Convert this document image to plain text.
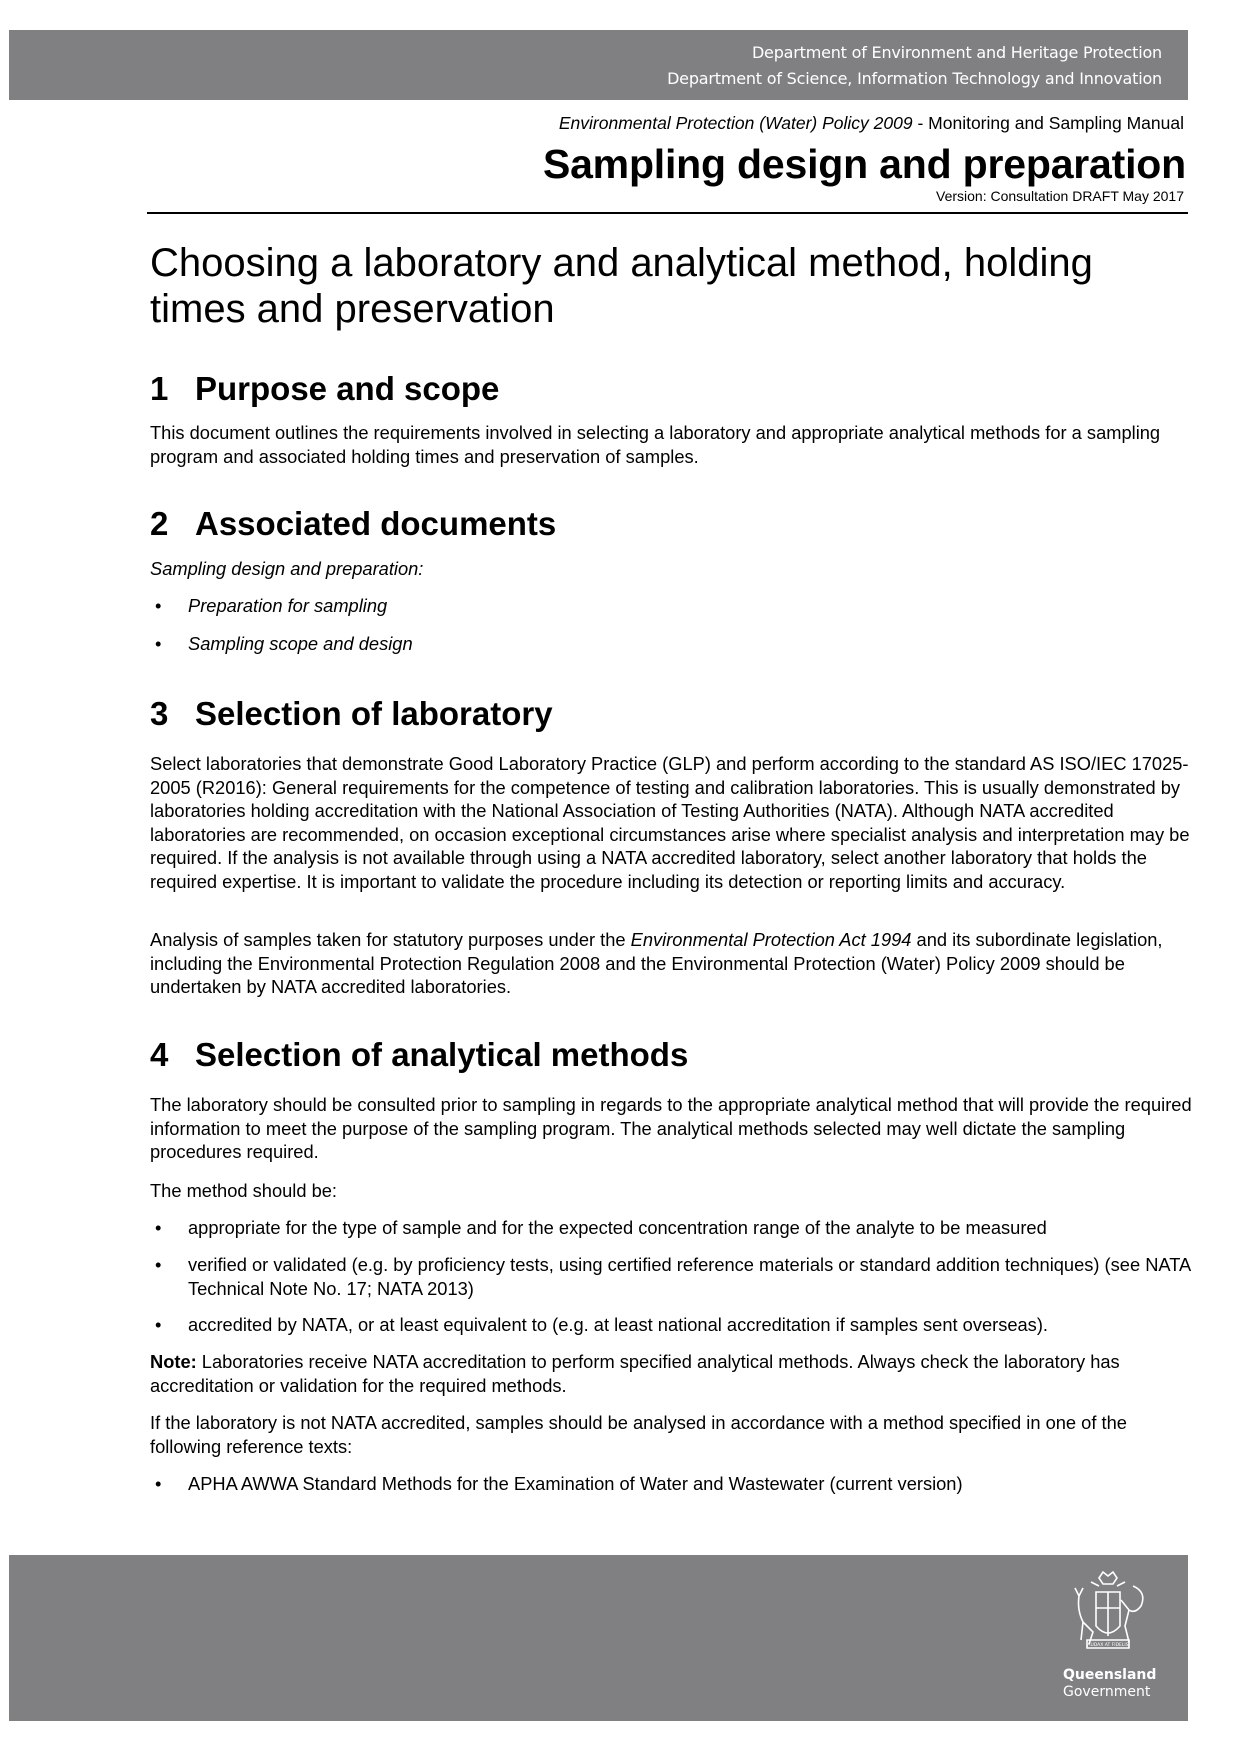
Department of Environment and Heritage Protection
Department of Science, Information Technology and Innovation
Environmental Protection (Water) Policy 2009 - Monitoring and Sampling Manual
Sampling design and preparation
Version: Consultation DRAFT May 2017
Choosing a laboratory and analytical method, holding times and preservation
1 Purpose and scope
This document outlines the requirements involved in selecting a laboratory and appropriate analytical methods for a sampling program and associated holding times and preservation of samples.
2 Associated documents
Sampling design and preparation:
• Preparation for sampling
• Sampling scope and design
3 Selection of laboratory
Select laboratories that demonstrate Good Laboratory Practice (GLP) and perform according to the standard AS ISO/IEC 17025-2005 (R2016): General requirements for the competence of testing and calibration laboratories. This is usually demonstrated by laboratories holding accreditation with the National Association of Testing Authorities (NATA). Although NATA accredited laboratories are recommended, on occasion exceptional circumstances arise where specialist analysis and interpretation may be required. If the analysis is not available through using a NATA accredited laboratory, select another laboratory that holds the required expertise. It is important to validate the procedure including its detection or reporting limits and accuracy.
Analysis of samples taken for statutory purposes under the Environmental Protection Act 1994 and its subordinate legislation, including the Environmental Protection Regulation 2008 and the Environmental Protection (Water) Policy 2009 should be undertaken by NATA accredited laboratories.
4 Selection of analytical methods
The laboratory should be consulted prior to sampling in regards to the appropriate analytical method that will provide the required information to meet the purpose of the sampling program. The analytical methods selected may well dictate the sampling procedures required.
The method should be:
• appropriate for the type of sample and for the expected concentration range of the analyte to be measured
• verified or validated (e.g. by proficiency tests, using certified reference materials or standard addition techniques) (see NATA Technical Note No. 17; NATA 2013)
• accredited by NATA, or at least equivalent to (e.g. at least national accreditation if samples sent overseas).
Note: Laboratories receive NATA accreditation to perform specified analytical methods. Always check the laboratory has accreditation or validation for the required methods.
If the laboratory is not NATA accredited, samples should be analysed in accordance with a method specified in one of the following reference texts:
• APHA AWWA Standard Methods for the Examination of Water and Wastewater (current version)
AUDAX AT FIDELIS
Queensland
Government
